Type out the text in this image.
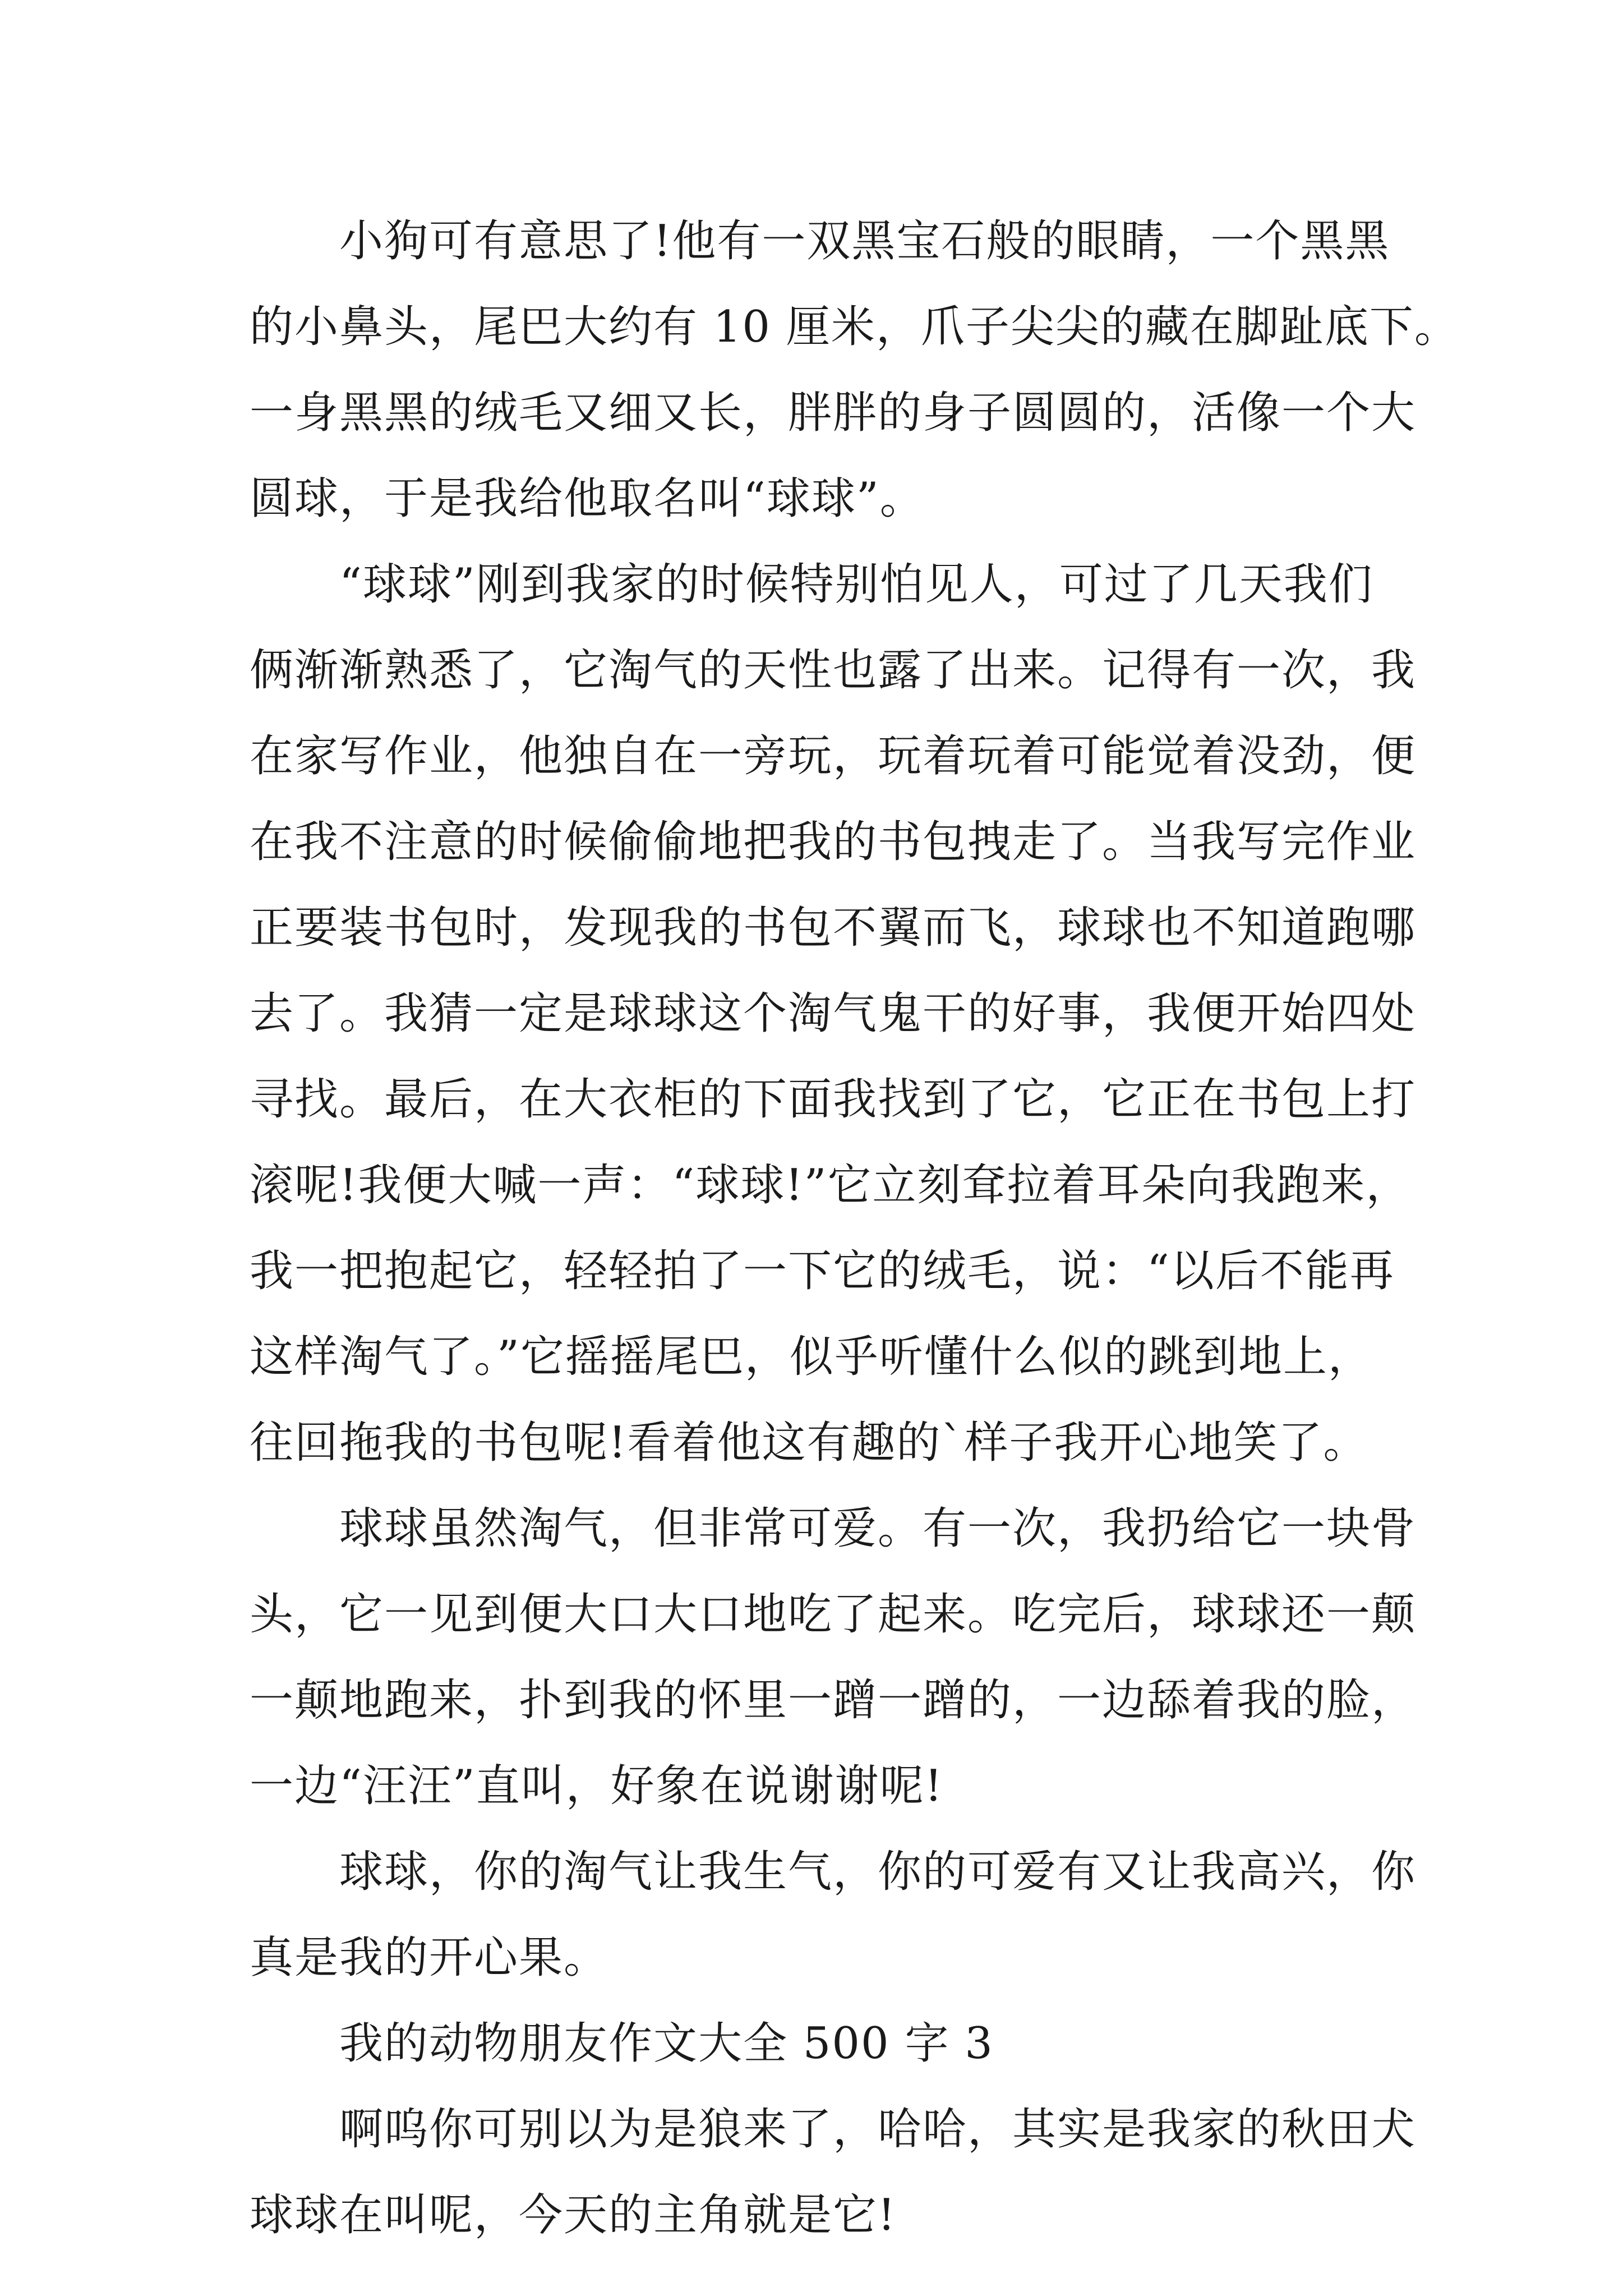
小狗可有意思了!他有一双黑宝石般的眼睛，一个黑黑
的小鼻头，尾巴大约有 10 厘米，爪子尖尖的藏在脚趾底下。
一身黑黑的绒毛又细又长，胖胖的身子圆圆的，活像一个大
圆球，于是我给他取名叫“球球”。
“球球”刚到我家的时候特别怕见人，可过了几天我们
俩渐渐熟悉了，它淘气的天性也露了出来。记得有一次，我
在家写作业，他独自在一旁玩，玩着玩着可能觉着没劲，便
在我不注意的时候偷偷地把我的书包拽走了。当我写完作业
正要装书包时，发现我的书包不翼而飞，球球也不知道跑哪
去了。我猜一定是球球这个淘气鬼干的好事，我便开始四处
寻找。最后，在大衣柜的下面我找到了它，它正在书包上打
滚呢!我便大喊一声：“球球!”它立刻耷拉着耳朵向我跑来，
我一把抱起它，轻轻拍了一下它的绒毛，说：“以后不能再
这样淘气了。”它摇摇尾巴，似乎听懂什么似的跳到地上，
往回拖我的书包呢!看着他这有趣的`样子我开心地笑了。
球球虽然淘气，但非常可爱。有一次，我扔给它一块骨
头，它一见到便大口大口地吃了起来。吃完后，球球还一颠
一颠地跑来，扑到我的怀里一蹭一蹭的，一边舔着我的脸，
一边“汪汪”直叫，好象在说谢谢呢!
球球，你的淘气让我生气，你的可爱有又让我高兴，你
真是我的开心果。
我的动物朋友作文大全 500 字 3
啊呜你可别以为是狼来了，哈哈，其实是我家的秋田犬
球球在叫呢，今天的主角就是它!
